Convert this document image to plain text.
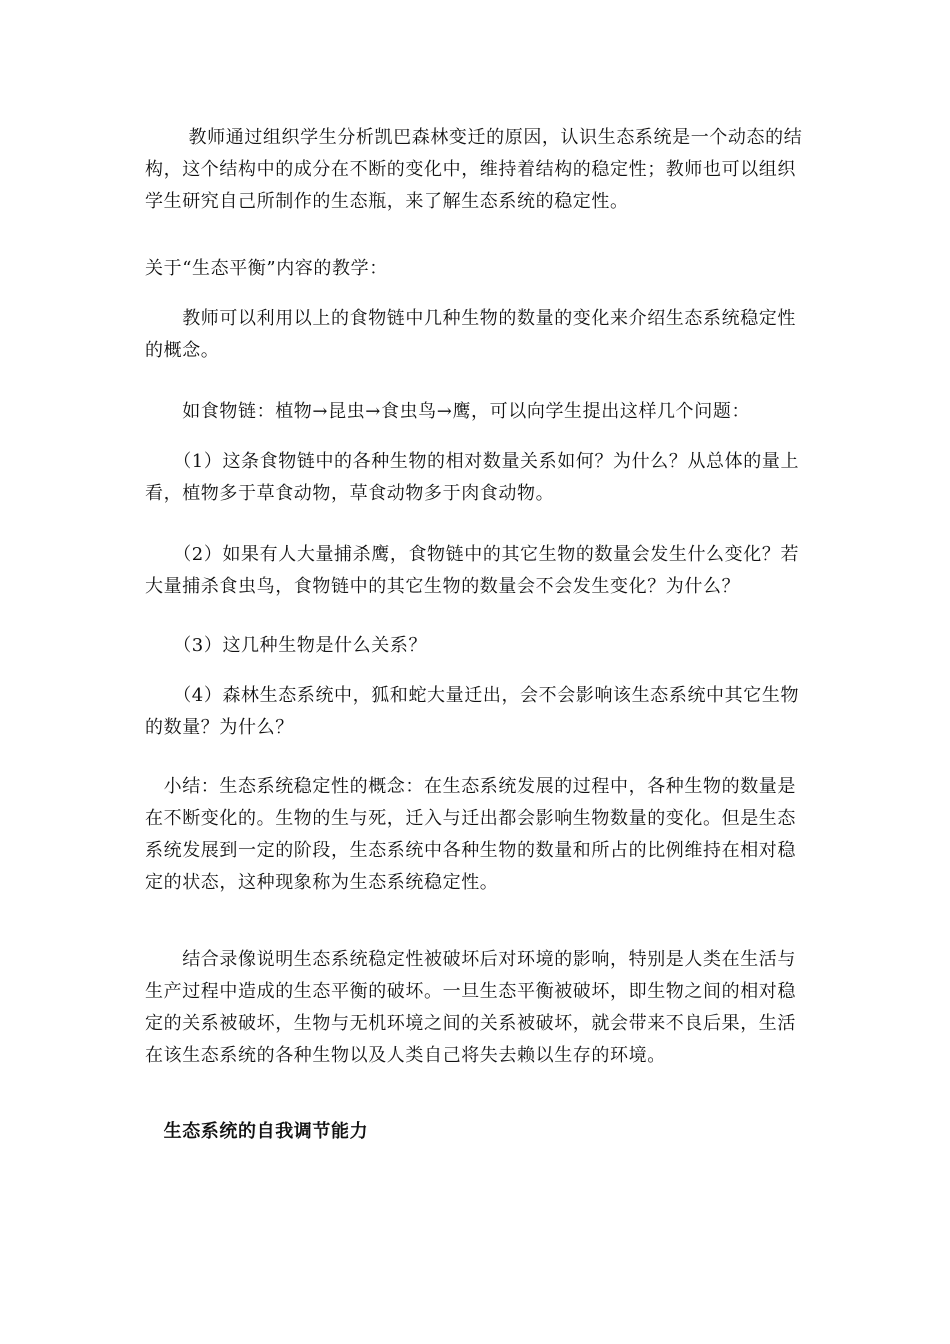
　　 教师通过组织学生分析凯巴森林变迁的原因，认识生态系统是一个动态的结构，这个结构中的成分在不断的变化中，维持着结构的稳定性；教师也可以组织学生研究自己所制作的生态瓶，来了解生态系统的稳定性。

关于“生态平衡”内容的教学：

　　教师可以利用以上的食物链中几种生物的数量的变化来介绍生态系统稳定性的概念。

　　如食物链：植物→昆虫→食虫鸟→鹰，可以向学生提出这样几个问题：

　　（1）这条食物链中的各种生物的相对数量关系如何？为什么？从总体的量上看，植物多于草食动物，草食动物多于肉食动物。

　　（2）如果有人大量捕杀鹰，食物链中的其它生物的数量会发生什么变化？若大量捕杀食虫鸟，食物链中的其它生物的数量会不会发生变化？为什么？

　　（3）这几种生物是什么关系？

　　（4）森林生态系统中，狐和蛇大量迁出，会不会影响该生态系统中其它生物的数量？为什么？

　小结：生态系统稳定性的概念：在生态系统发展的过程中，各种生物的数量是在不断变化的。生物的生与死，迁入与迁出都会影响生物数量的变化。但是生态系统发展到一定的阶段，生态系统中各种生物的数量和所占的比例维持在相对稳定的状态，这种现象称为生态系统稳定性。

　　结合录像说明生态系统稳定性被破坏后对环境的影响，特别是人类在生活与生产过程中造成的生态平衡的破坏。一旦生态平衡被破坏，即生物之间的相对稳定的关系被破坏，生物与无机环境之间的关系被破坏，就会带来不良后果，生活在该生态系统的各种生物以及人类自己将失去赖以生存的环境。

　生态系统的自我调节能力
